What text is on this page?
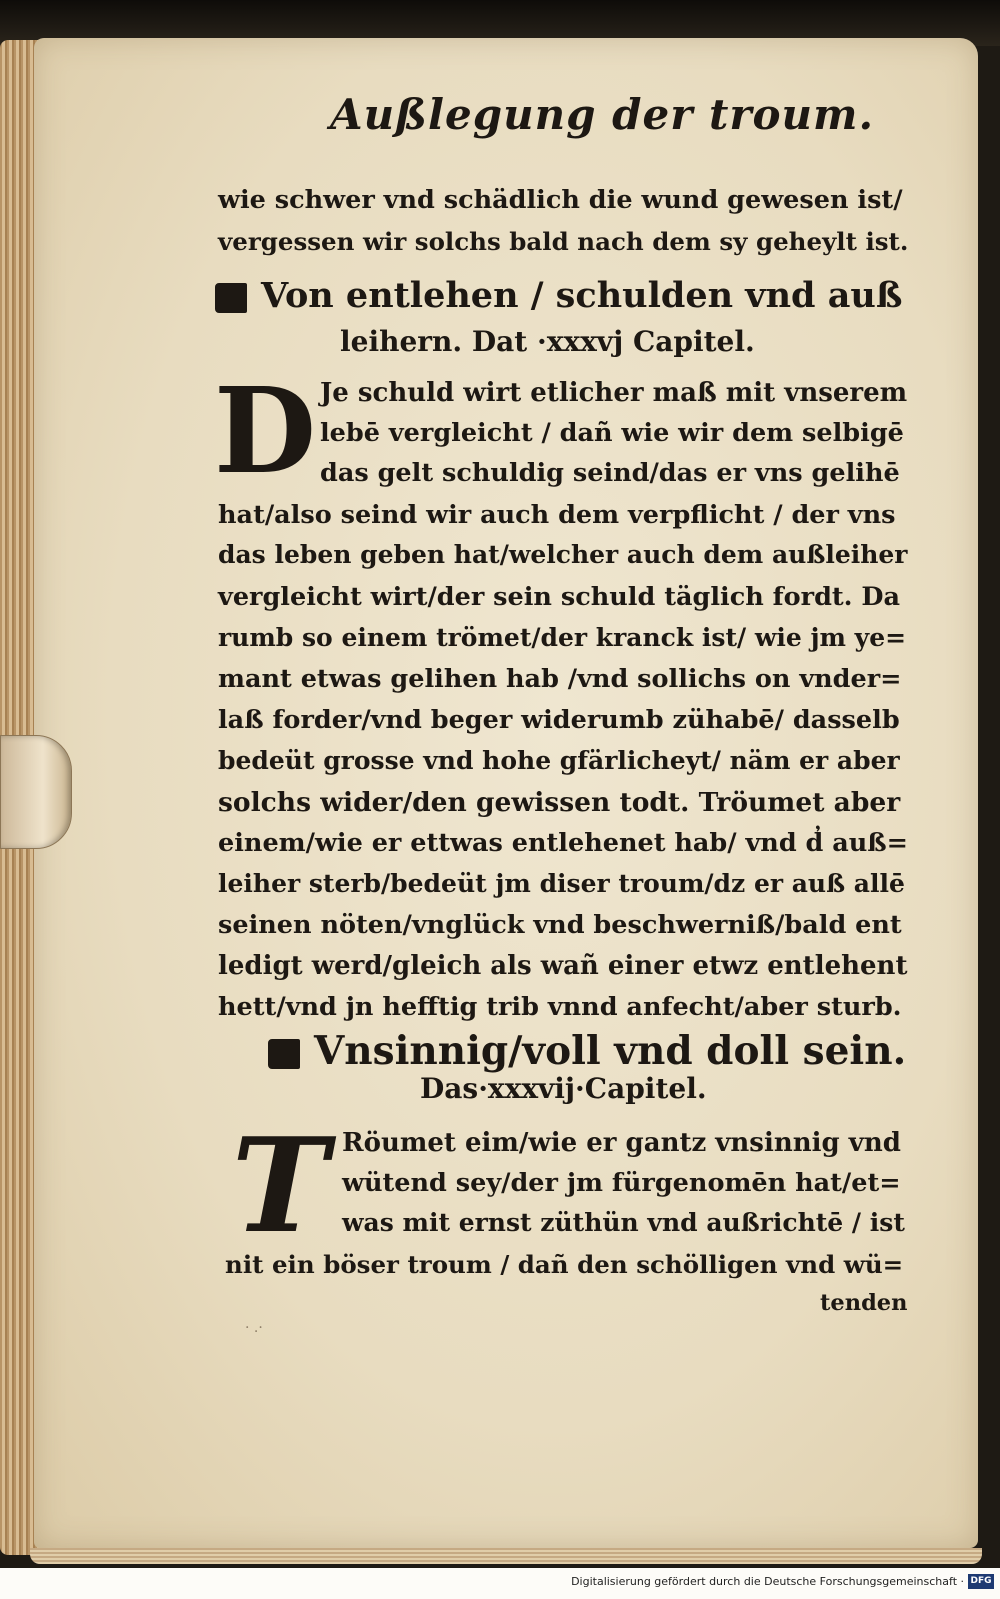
Außlegung der troum.
wie schwer vnd schädlich die wund gewesen ist/
vergessen wir solchs bald nach dem sy geheylt ist.
Von entlehen / schulden vnd auß
leihern. Dat ·xxxvj Capitel.
D Je schuld wirt etlicher maß mit vnserem
lebē vergleicht / dañ wie wir dem selbigē
das gelt schuldig seind/das er vns gelihē
hat/also seind wir auch dem verpflicht / der vns
das leben geben hat/welcher auch dem außleiher
vergleicht wirt/der sein schuld täglich fordt. Da
rumb so einem trömet/der kranck ist/ wie jm ye=
mant etwas gelihen hab /vnd sollichs on vnder=
laß forder/vnd beger widerumb zühabē/ dasselb
bedeüt grosse vnd hohe gfärlicheyt/ näm er aber
solchs wider/den gewissen todt. Tröumet aber
einem/wie er ettwas entlehenet hab/ vnd d̓ auß=
leiher sterb/bedeüt jm diser troum/dz er auß allē
seinen nöten/vnglück vnd beschwerniß/bald ent
ledigt werd/gleich als wañ einer etwz entlehent
hett/vnd jn hefftig trib vnnd anfecht/aber sturb.
Vnsinnig/voll vnd doll sein.
Das·xxxvij·Capitel.
T Röumet eim/wie er gantz vnsinnig vnd
wütend sey/der jm fürgenomēn hat/et=
was mit ernst züthün vnd außrichtē / ist
nit ein böser troum / dañ den schölligen vnd wü=
tenden
· .·
Digitalisierung gefördert durch die Deutsche Forschungsgemeinschaft · DFG
